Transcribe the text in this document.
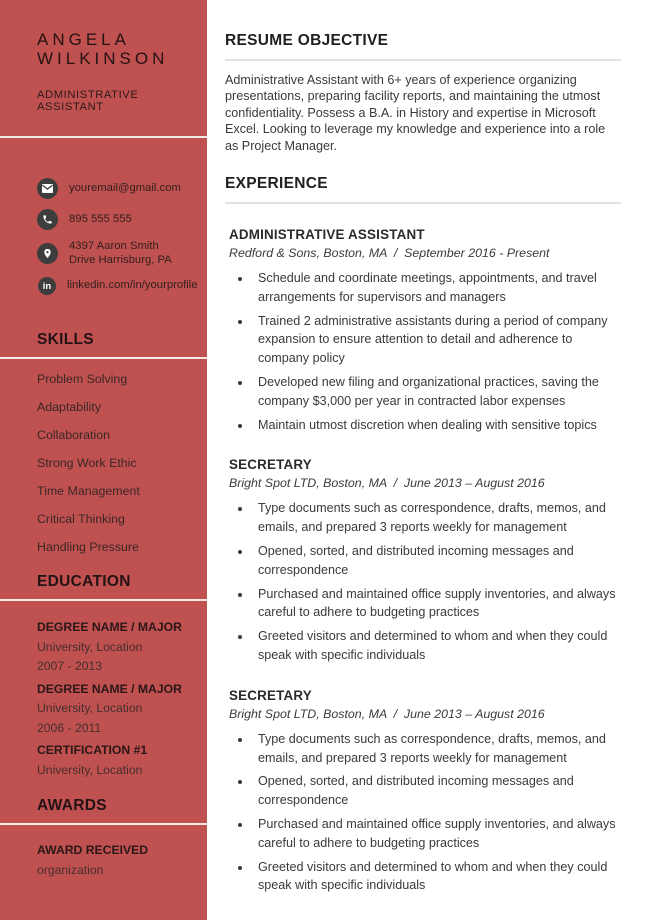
ANGELA
WILKINSON
ADMINISTRATIVE ASSISTANT
youremail@gmail.com
895 555 555
4397 Aaron Smith
Drive Harrisburg, PA
in linkedin.com/in/yourprofile
SKILLS
Problem Solving
Adaptability
Collaboration
Strong Work Ethic
Time Management
Critical Thinking
Handling Pressure
EDUCATION
DEGREE NAME / MAJOR
University, Location
2007 - 2013
DEGREE NAME / MAJOR
University, Location
2006 - 2011
CERTIFICATION #1
University, Location
AWARDS
AWARD RECEIVED
organization
RESUME OBJECTIVE

Administrative Assistant with 6+ years of experience organizing presentations, preparing facility reports, and maintaining the utmost confidentiality. Possess a B.A. in History and expertise in Microsoft Excel. Looking to leverage my knowledge and experience into a role as Project Manager.

EXPERIENCE
ADMINISTRATIVE ASSISTANT
Redford & Sons, Boston, MA  /  September 2016 - Present
• Schedule and coordinate meetings, appointments, and travel arrangements for supervisors and managers
• Trained 2 administrative assistants during a period of company expansion to ensure attention to detail and adherence to company policy
• Developed new filing and organizational practices, saving the company $3,000 per year in contracted labor expenses
• Maintain utmost discretion when dealing with sensitive topics
SECRETARY
Bright Spot LTD, Boston, MA  /  June 2013 – August 2016
• Type documents such as correspondence, drafts, memos, and emails, and prepared 3 reports weekly for management
• Opened, sorted, and distributed incoming messages and correspondence
• Purchased and maintained office supply inventories, and always careful to adhere to budgeting practices
• Greeted visitors and determined to whom and when they could speak with specific individuals
SECRETARY
Bright Spot LTD, Boston, MA  /  June 2013 – August 2016
• Type documents such as correspondence, drafts, memos, and emails, and prepared 3 reports weekly for management
• Opened, sorted, and distributed incoming messages and correspondence
• Purchased and maintained office supply inventories, and always careful to adhere to budgeting practices
• Greeted visitors and determined to whom and when they could speak with specific individuals
